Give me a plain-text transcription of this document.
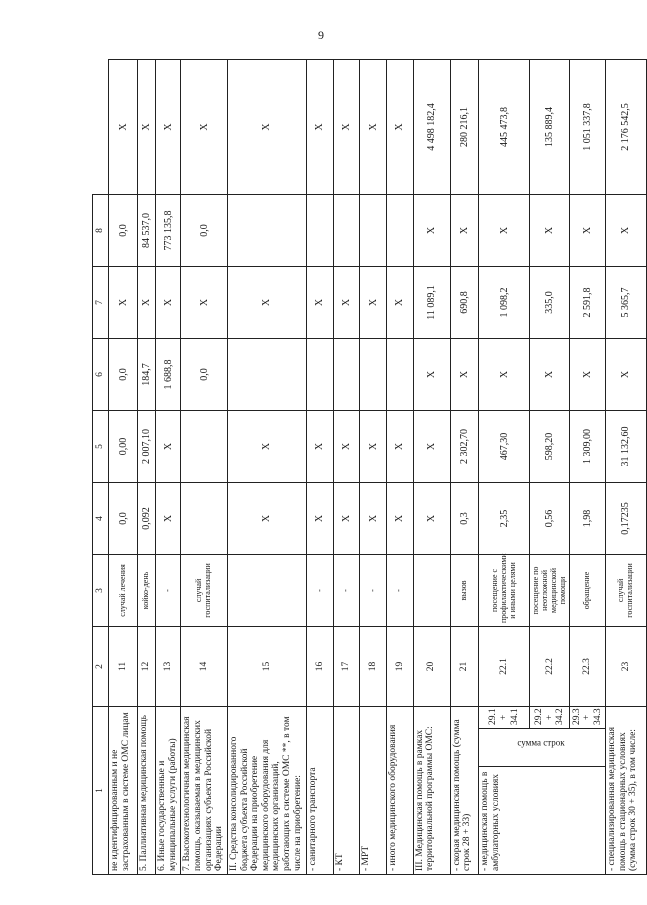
9
1			2	3	4	5	6	7	8	
не идентифицированным и не застрахованным в системе ОМС лицам			11	случай лечения	0,0	0,00	0,0	Х	0,0	Х
5. Паллиативная медицинская помощь			12	койко-день	0,092	2 007,10	184,7	Х	84 537,0	Х
6. Иные государственные и муниципальные услуги (работы)			13	-	Х	Х	1 688,8	Х	773 135,8	Х
7. Высокотехнологичная медицинская помощь, оказываемая в медицинских организациях субъекта Российской Федерации			14	случай госпитализации			0,0	Х	0,0	Х
II. Средства консолидированного бюджета субъекта Российской Федерации на приобретение медицинского оборудования для медицинских организаций, работающих в системе ОМС **, в том числе на приобретение:			15		Х	Х		Х		Х
- санитарного транспорта			16	-	Х	Х		Х		Х
- КТ			17	-	Х	Х		Х		Х
- МРТ			18	-	Х	Х		Х		Х
- иного медицинского оборудования			19	-	Х	Х		Х		Х
III. Медицинская помощь в рамках территориальной программы ОМС:			20		Х	Х	Х	11 089,1	Х	4 498 182,4
- скорая медицинская помощь (сумма строк 28 + 33)			21	вызов	0,3	2 302,70	Х	690,8	Х	280 216,1
- медицинская помощь в амбулаторных условиях	сумма строк	29.1 + 34.1	22.1	посещение с профилактическими и иными целями	2,35	467,30	Х	1 098,2	Х	445 473,8
		29.2 + 34.2	22.2	посещение по неотложной медицинской помощи	0,56	598,20	Х	335,0	Х	135 889,4
		29.3 + 34.3	22.3	обращение	1,98	1 309,00	Х	2 591,8	Х	1 051 337,8
- специализированная медицинская помощь в стационарных условиях (сумма строк 30 + 35), в том числе:			23	случай госпитализации	0,17235	31 132,60	Х	5 365,7	Х	2 176 542,5
